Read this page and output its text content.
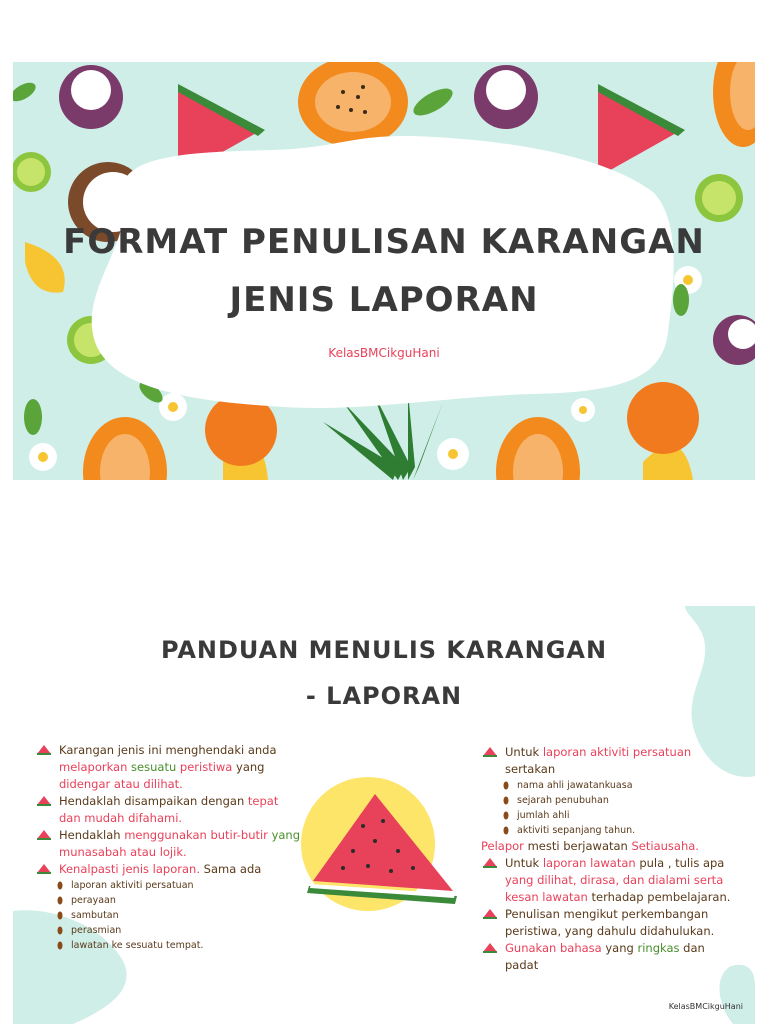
FORMAT PENULISAN KARANGAN
JENIS LAPORAN
KelasBMCikguHani
PANDUAN MENULIS KARANGAN
- LAPORAN
Karangan jenis ini menghendaki anda melaporkan sesuatu peristiwa yang didengar atau dilihat.
Hendaklah disampaikan dengan tepat dan mudah difahami.
Hendaklah menggunakan butir-butir yang munasabah atau lojik.
Kenalpasti jenis laporan. Sama ada
laporan aktiviti persatuan
perayaan
sambutan
perasmian
lawatan ke sesuatu tempat.
Untuk laporan aktiviti persatuan sertakan
nama ahli jawatankuasa
sejarah penubuhan
jumlah ahli
aktiviti sepanjang tahun.
Pelapor mesti berjawatan Setiausaha.
Untuk laporan lawatan pula , tulis apa yang dilihat, dirasa, dan dialami serta kesan lawatan terhadap pembelajaran.
Penulisan mengikut perkembangan peristiwa, yang dahulu didahulukan.
Gunakan bahasa yang ringkas dan padat
KelasBMCikguHani
